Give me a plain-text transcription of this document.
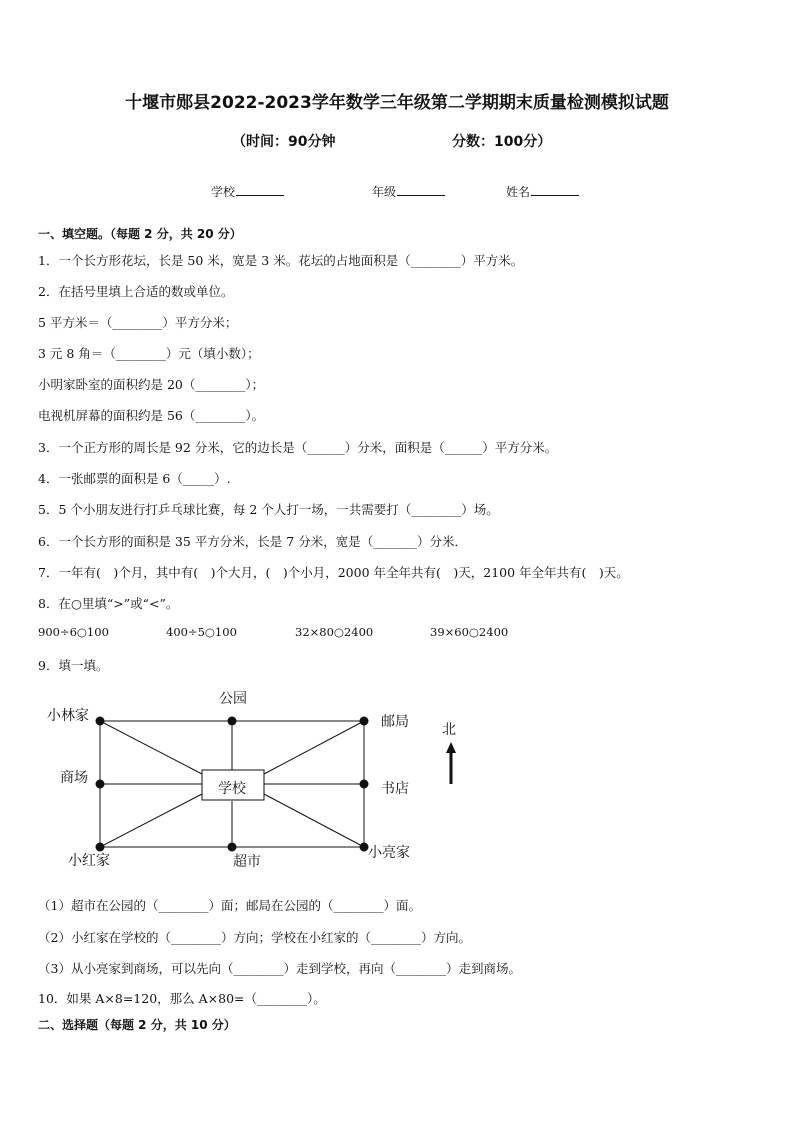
十堰市郧县2022-2023学年数学三年级第二学期期末质量检测模拟试题
（时间：90分钟	分数：100分）
学校	年级	姓名
一、填空题。（每题 2 分，共 20 分）
1．一个长方形花坛，长是 50 米，宽是 3 米。花坛的占地面积是（________）平方米。
2．在括号里填上合适的数或单位。
5 平方米＝（________）平方分米；
3 元 8 角＝（________）元（填小数）；
小明家卧室的面积约是 20（________）；
电视机屏幕的面积约是 56（________）。
3．一个正方形的周长是 92 分米，它的边长是（______）分米，面积是（______）平方分米。
4．一张邮票的面积是 6（_____）.
5．5 个小朋友进行打乒乓球比赛，每 2 个人打一场，一共需要打（________）场。
6．一个长方形的面积是 35 平方分米，长是 7 分米，宽是（_______）分米．
7．一年有(　)个月，其中有(　)个大月，(　)个小月，2000 年全年共有(　)天，2100 年全年共有(　)天。
8．在○里填“>”或“<”。
900÷6○100	400÷5○100	32×80○2400	39×60○2400
9．填一填。
小林家
公园
邮局
商场
学校	书店
小红家	超市
小亮家
北
（1）超市在公园的（________）面；邮局在公园的（________）面。
（2）小红家在学校的（________）方向；学校在小红家的（________）方向。
（3）从小亮家到商场，可以先向（________）走到学校，再向（________）走到商场。
10．如果 A×8=120，那么 A×80=（________）。
二、选择题（每题 2 分，共 10 分）
